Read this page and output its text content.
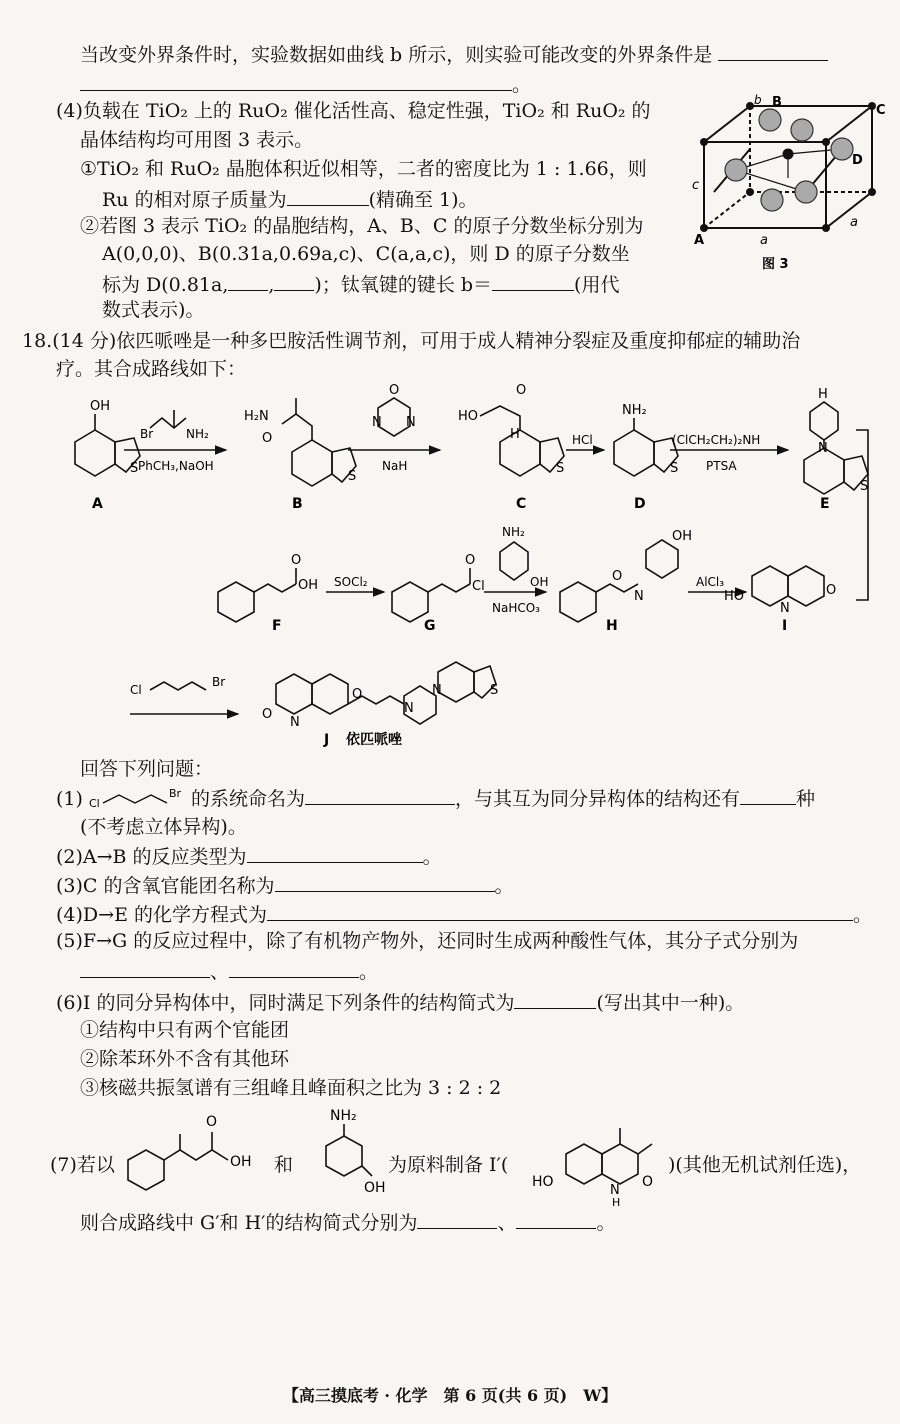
当改变外界条件时，实验数据如曲线 b 所示，则实验可能改变的外界条件是
。
(4)负载在 TiO₂ 上的 RuO₂ 催化活性高、稳定性强，TiO₂ 和 RuO₂ 的
晶体结构均可用图 3 表示。
①TiO₂ 和 RuO₂ 晶胞体积近似相等，二者的密度比为 1 : 1.66，则
Ru 的相对原子质量为	(精确至 1)。
②若图 3 表示 TiO₂ 的晶胞结构，A、B、C 的原子分数坐标分别为
A(0,0,0)、B(0.31a,0.69a,c)、C(a,a,c)，则 D 的原子分数坐
标为 D(0.81a, , )；钛氧键的键长 b＝	(用代
数式表示)。
b B
C
D
c
A	a
a
图 3
18.(14 分)依匹哌唑是一种多巴胺活性调节剂，可用于成人精神分裂症及重度抑郁症的辅助治
疗。其合成路线如下：
OH
S
H₂N
O
S
O
N N	HO
O
H
S
NH₂
S
H
N
S
OH
O	O
Cl
O
N
OH
HO
N
O
O
N
O
N
N	S
Br	NH₂
PhCH₃,NaOH	NaH
HCl	(ClCH₂CH₂)₂NH
PTSA
SOCl₂
NaHCO₃
NH₂
OH	AlCl₃
Cl
Br
A	B	C	D	E
F	G	H	I
J 依匹哌唑
回答下列问题：
(1) Cl
Br 的系统命名为	，与其互为同分异构体的结构还有	种
(不考虑立体异构)。
(2)A→B 的反应类型为	。
(3)C 的含氧官能团名称为	。
(4)D→E 的化学方程式为	。
(5)F→G 的反应过程中，除了有机物产物外，还同时生成两种酸性气体，其分子式分别为
、	。
(6)I 的同分异构体中，同时满足下列条件的结构简式为	(写出其中一种)。
①结构中只有两个官能团
②除苯环外不含有其他环
③核磁共振氢谱有三组峰且峰面积之比为 3 : 2 : 2
(7)若以
O
OH 和
NH₂
OH
为原料制备 I′(
HO
N
H
O
)(其他无机试剂任选)，
则合成路线中 G′和 H′的结构简式分别为	、	。
【高三摸底考 · 化学　第 6 页(共 6 页)　W】
